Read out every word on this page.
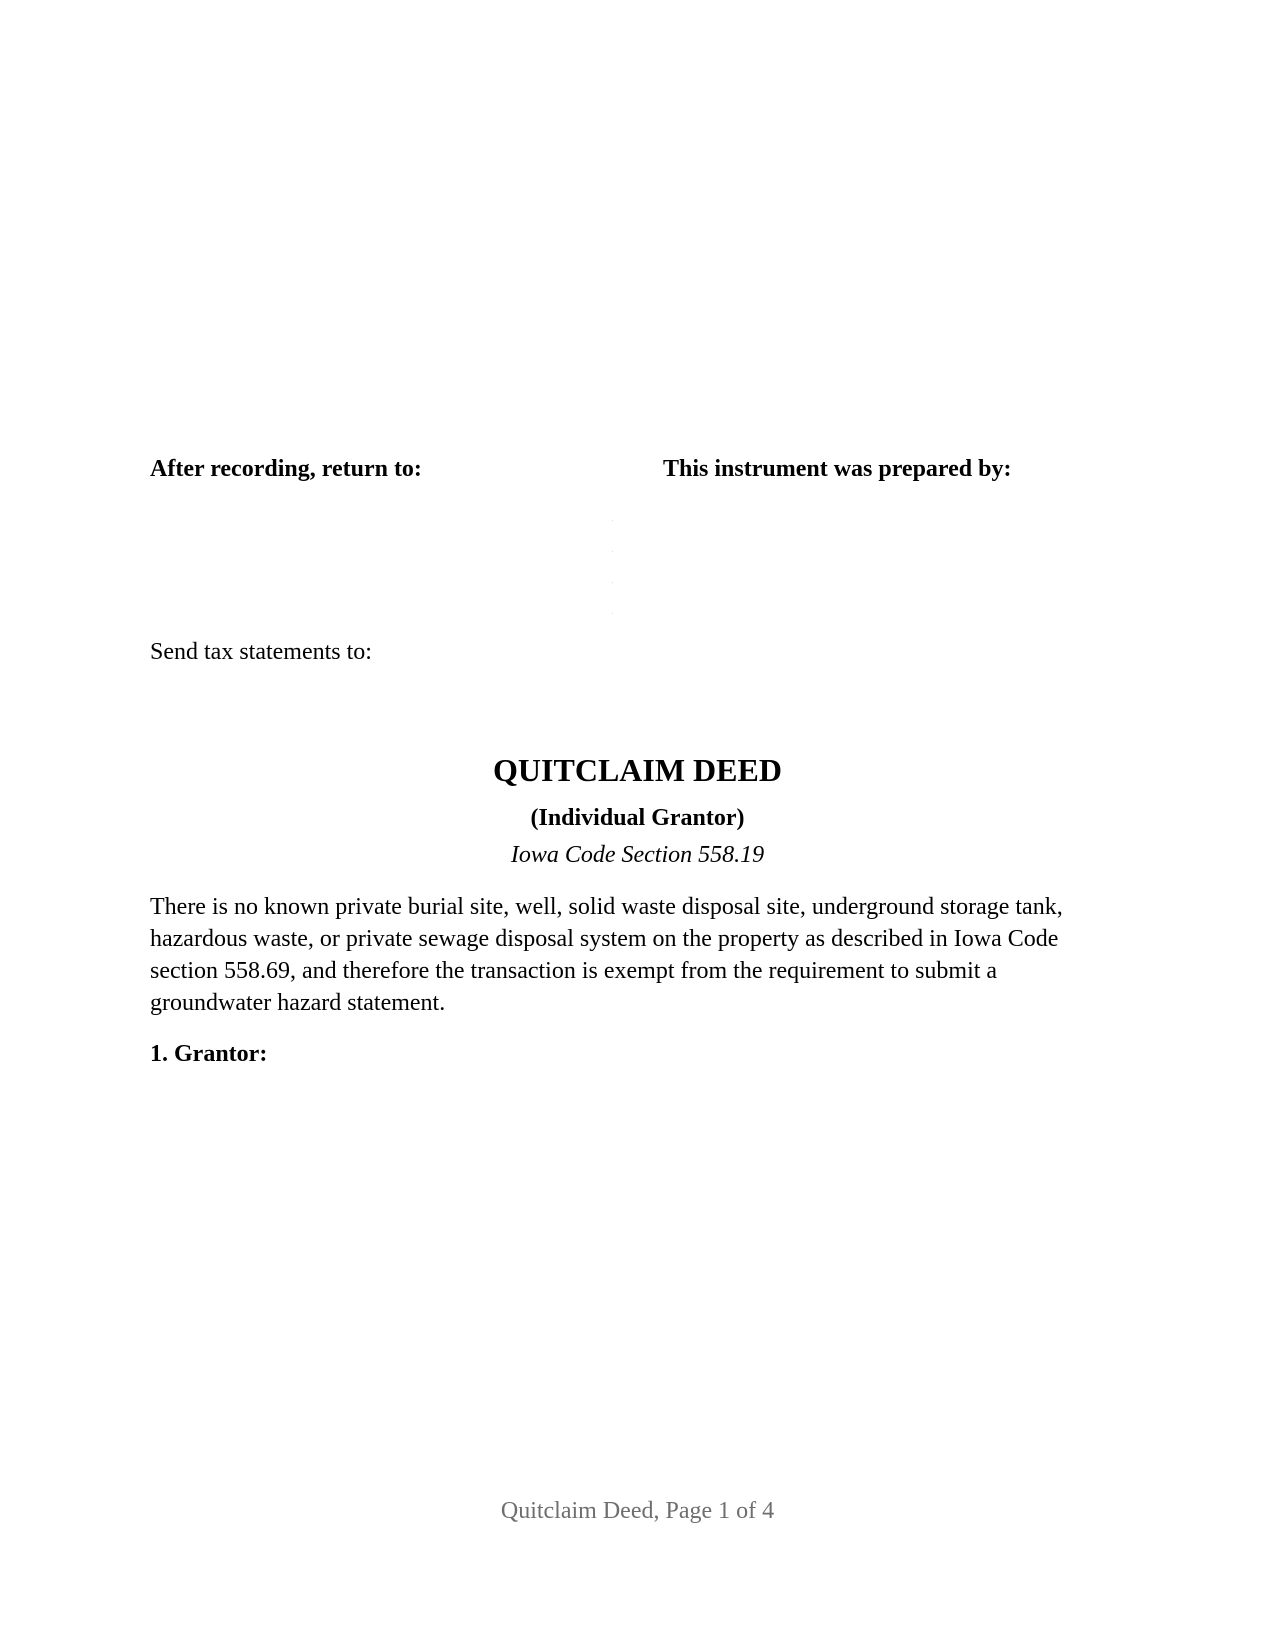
After recording, return to:	This instrument was prepared by:

Send tax statements to:

QUITCLAIM DEED
(Individual Grantor)

Iowa Code Section 558.19

There is no known private burial site, well, solid waste disposal site, underground storage tank, hazardous waste, or private sewage disposal system on the property as described in Iowa Code section 558.69, and therefore the transaction is exempt from the requirement to submit a groundwater hazard statement.

1. Grantor:

Quitclaim Deed, Page 1 of 4
